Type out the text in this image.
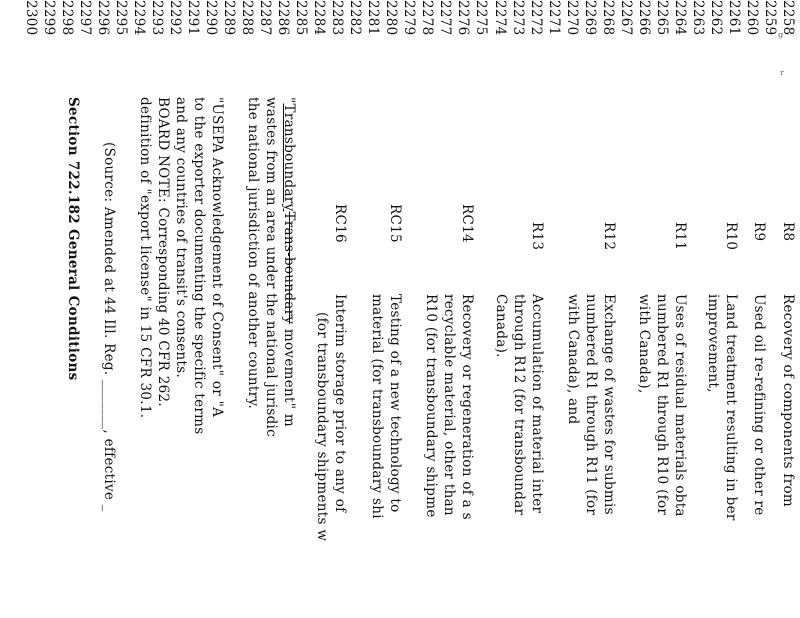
2258
2259
2260
2261
2262
2263
2264
2265
2266
2267
2268
2269
2270
2271
2272
2273
2274
2275
2276
2277
2278
2279
2280
2281
2282
2283
2284
2285
2286
2287
2288
2289
2290
2291
2292
2293
2294
2295
2296
2297
2298
2299
2300
R8
R9
R10
R11
R12
R13
RC14
RC15
RC16
Recovery of components from
Used oil re-refining or other re
Land treatment resulting in ber
improvement,
Uses of residual materials obta
numbered R1 through R10 (for
with Canada),
Exchange of wastes for submis
numbered R1 through R11 (for
with Canada), and
Accumulation of material inter
through R12 (for transboundar
Canada).
Recovery or regeneration of a s
recyclable material, other than
R10 (for transboundary shipme
Testing of a new technology to
material (for transboundary shi
Interim storage prior to any of
(for transboundary shipments w
"TransboundaryTrans-boundary movement" m
wastes from an area under the national jurisdic
the national jurisdiction of another country.
"USEPA Acknowledgement of Consent" or "A
to the exporter documenting the specific terms
and any countries of transit's consents.
BOARD NOTE: Corresponding 40 CFR 262.
definition of "export license" in 15 CFR 30.1.
(Source: Amended at 44 Ill. Reg. _______, effective _
Section 722.182 General Conditions
ᵍ
ʳ
